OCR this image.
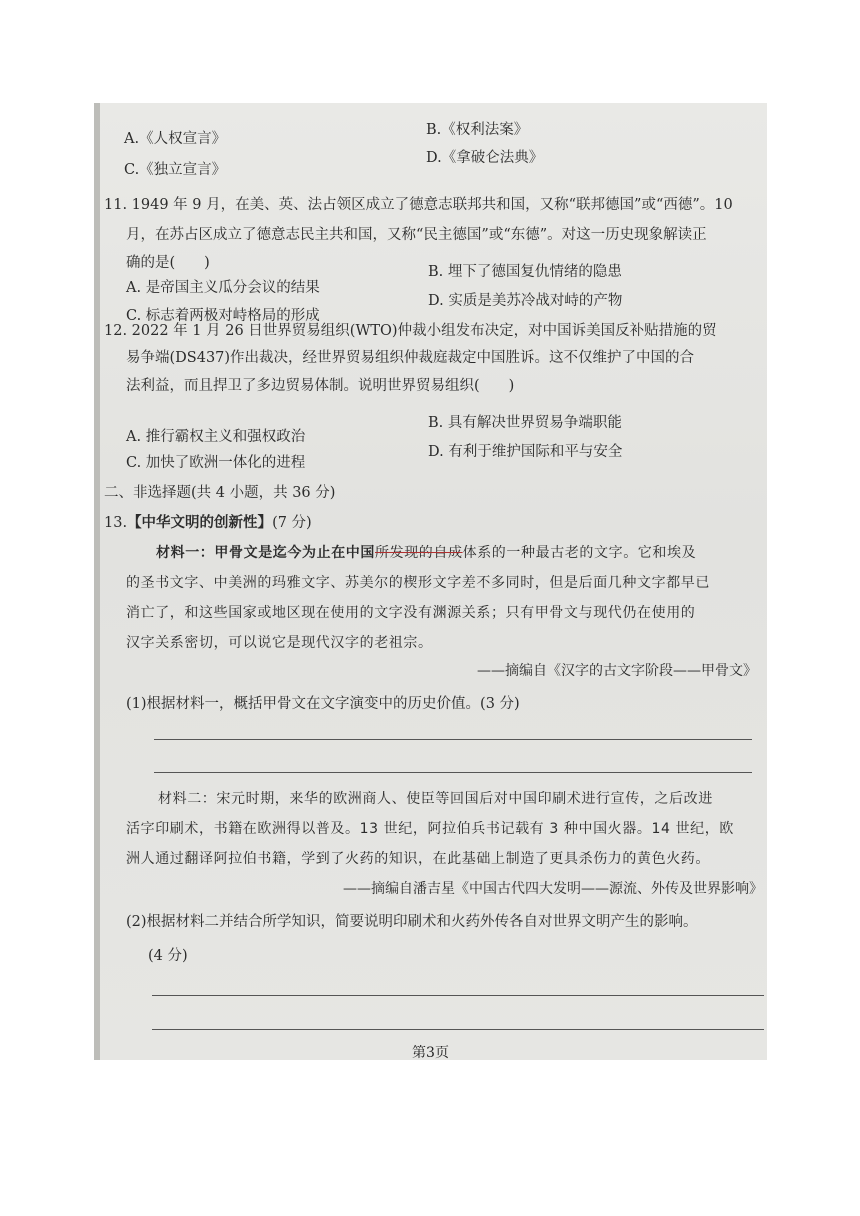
A.《人权宣言》
B.《权利法案》
C.《独立宣言》
D.《拿破仑法典》
11. 1949 年 9 月，在美、英、法占领区成立了德意志联邦共和国，又称“联邦德国”或“西德”。10
月，在苏占区成立了德意志民主共和国，又称“民主德国”或“东德”。对这一历史现象解读正
确的是(　　)
A. 是帝国主义瓜分会议的结果
B. 埋下了德国复仇情绪的隐患
C. 标志着两极对峙格局的形成
D. 实质是美苏冷战对峙的产物
12. 2022 年 1 月 26 日世界贸易组织(WTO)仲裁小组发布决定，对中国诉美国反补贴措施的贸
易争端(DS437)作出裁决，经世界贸易组织仲裁庭裁定中国胜诉。这不仅维护了中国的合
法利益，而且捍卫了多边贸易体制。说明世界贸易组织(　　)
A. 推行霸权主义和强权政治
B. 具有解决世界贸易争端职能
C. 加快了欧洲一体化的进程
D. 有利于维护国际和平与安全
二、非选择题(共 4 小题，共 36 分)
13.【中华文明的创新性】(7 分)
材料一：甲骨文是迄今为止在中国所发现的自成体系的一种最古老的文字。它和埃及
的圣书文字、中美洲的玛雅文字、苏美尔的楔形文字差不多同时，但是后面几种文字都早已
消亡了，和这些国家或地区现在使用的文字没有渊源关系；只有甲骨文与现代仍在使用的
汉字关系密切，可以说它是现代汉字的老祖宗。
——摘编自《汉字的古文字阶段——甲骨文》
(1)根据材料一，概括甲骨文在文字演变中的历史价值。(3 分)
材料二：宋元时期，来华的欧洲商人、使臣等回国后对中国印刷术进行宣传，之后改进
活字印刷术，书籍在欧洲得以普及。13 世纪，阿拉伯兵书记载有 3 种中国火器。14 世纪，欧
洲人通过翻译阿拉伯书籍，学到了火药的知识，在此基础上制造了更具杀伤力的黄色火药。
——摘编自潘吉星《中国古代四大发明——源流、外传及世界影响》
(2)根据材料二并结合所学知识，简要说明印刷术和火药外传各自对世界文明产生的影响。
(4 分)
第3页
